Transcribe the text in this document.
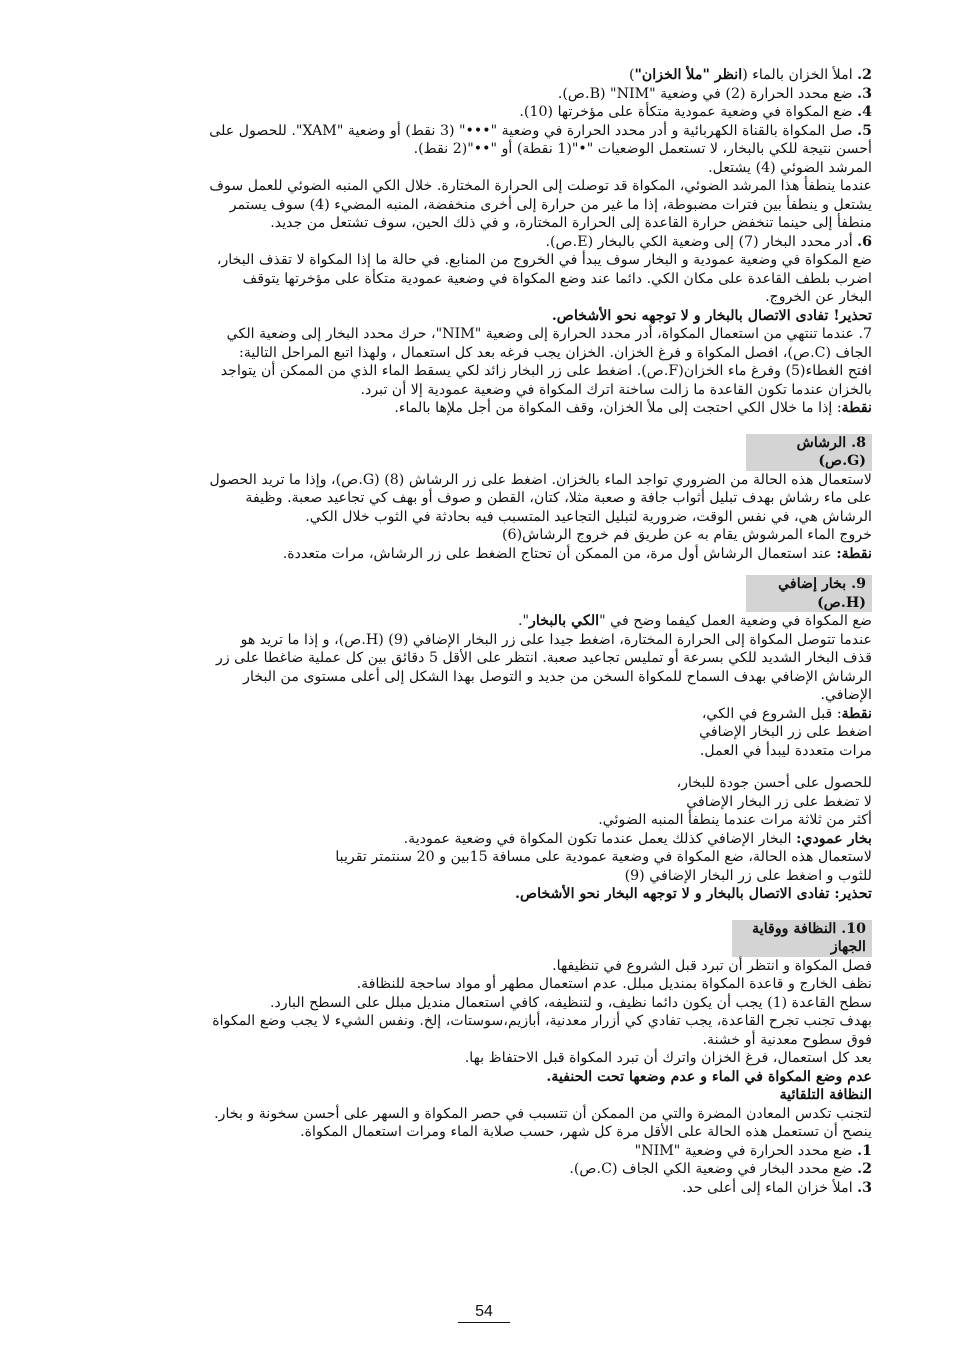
2. املأ الخزان بالماء (انظر "ملأ الخزان")

3. ضع محدد الحرارة (2) في وضعية "NIM" (B.ص).

4. ضع المكواة في وضعية عمودية متكأة على مؤخرتها (10).

5. صل المكواة بالقناة الكهربائية و أدر محدد الحرارة في وضعية "•••" (3 نقط) أو وضعية "XAM". للحصول على أحسن نتيجة للكي بالبخار، لا تستعمل الوضعيات "•"(1 نقطة) أو "••"(2 نقط).

المرشد الضوئي (4) يشتعل.

عندما ينطفأ هذا المرشد الضوئي، المكواة قد توصلت إلى الحرارة المختارة. خلال الكي المنبه الضوئي للعمل سوف يشتعل و ينطفأ بين فترات مضبوطة، إذا ما غير من حرارة إلى أخرى منخفضة، المنبه المضيء (4) سوف يستمر منطفأ إلى حينما تنخفض حرارة القاعدة إلى الحرارة المختارة، و في ذلك الحين، سوف تشتعل من جديد.

6. أدر محدد البخار (7) إلى وضعية الكي بالبخار (E.ص).

ضع المكواة في وضعية عمودية و البخار سوف يبدأ في الخروج من المنابع. في حالة ما إذا المكواة لا تقذف البخار، اضرب بلطف القاعدة على مكان الكي. دائما عند وضع المكواة في وضعية عمودية متكأة على مؤخرتها يتوقف البخار عن الخروج.

تحذير! تفادى الاتصال بالبخار و لا توجهه نحو الأشخاص.

7. عندما تنتهي من استعمال المكواة، أدر محدد الحرارة إلى وضعية "NIM"، حرك محدد البخار إلى وضعية الكي الجاف (C.ص)، افصل المكواة و فرغ الخزان. الخزان يجب فرغه بعد كل استعمال ، ولهذا اتبع المراحل التالية:

افتح الغطاء(5) وفرغ ماء الخزان(F.ص). اضغط على زر البخار زائد لكي يسقط الماء الذي من الممكن أن يتواجد بالخزان عندما تكون القاعدة ما زالت ساخنة اترك المكواة في وضعية عمودية إلا أن تبرد.

نقطة: إذا ما خلال الكي احتجت إلى ملأ الخزان، وقف المكواة من أجل ملإها بالماء.

8. الرشاش (G.ص)

لاستعمال هذه الحالة من الضروري تواجد الماء بالخزان. اضغط على زر الرشاش (8) (G.ص)، وإذا ما تريد الحصول على ماء رشاش بهدف تبليل أثواب جافة و صعبة مثلا، كتان، القطن و صوف أو بهف كي تجاعيد صعبة. وظيفة الرشاش هي، في نفس الوقت، ضرورية لتبليل التجاعيد المتسبب فيه بحادثة في الثوب خلال الكي.

خروج الماء المرشوش يقام به عن طريق فم خروج الرشاش(6)

نقطة: عند استعمال الرشاش أول مرة، من الممكن أن تحتاج الضغط على زر الرشاش، مرات متعددة.

9. بخار إضافي (H.ص)

ضع المكواة في وضعية العمل كيفما وضح في "الكي بالبخار".

عندما تتوصل المكواة إلى الحرارة المختارة، اضغط جيدا على زر البخار الإضافي (9) (H.ص)، و إذا ما تريد هو قذف البخار الشديد للكي بسرعة أو تمليس تجاعيد صعبة. انتظر على الأقل 5 دقائق بين كل عملية ضاغطا على زر الرشاش الإضافي بهدف السماح للمكواة السخن من جديد و التوصل بهذا الشكل إلى أعلى مستوى من البخار الإضافي.

نقطة: قبل الشروع في الكي،

اضغط على زر البخار الإضافي

مرات متعددة ليبدأ في العمل.

للحصول على أحسن جودة للبخار،

لا تضغط على زر البخار الإضافي

أكثر من ثلاثة مرات عندما ينطفأ المنبه الضوئي.

بخار عمودي: البخار الإضافي كذلك يعمل عندما تكون المكواة في وضعية عمودية.

لاستعمال هذه الحالة، ضع المكواة في وضعية عمودية على مسافة 15بين و 20 سنتمتر تقريبا

للثوب و اضغط على زر البخار الإضافي (9)

تحذير: تفادى الاتصال بالبخار و لا توجهه البخار نحو الأشخاص.

10. النظافة ووقاية الجهاز

فصل المكواة و انتظر أن تبرد قبل الشروع في تنظيفها.

نظف الخارج و قاعدة المكواة بمنديل مبلل. عدم استعمال مطهر أو مواد ساحجة للنظافة.

سطح القاعدة (1) يجب أن يكون دائما نظيف، و لتنظيفه، كافي استعمال منديل مبلل على السطح البارد.

بهدف تجنب تجرح القاعدة، يجب تفادي كي أزرار معدنية، أبازيم،سوستات، إلخ. ونفس الشيء لا يجب وضع المكواة فوق سطوح معدنية أو خشنة.

بعد كل استعمال، فرغ الخزان واترك أن تبرد المكواة قبل الاحتفاظ بها.

عدم وضع المكواة في الماء و عدم وضعها تحت الحنفية.

النظافة التلقائية

لتجنب تكدس المعادن المضرة والتي من الممكن أن تتسبب في حصر المكواة و السهر على أحسن سخونة و بخار.

ينصح أن تستعمل هذه الحالة على الأقل مرة كل شهر، حسب صلابة الماء ومرات استعمال المكواة.

1. ضع محدد الحرارة في وضعية "NIM"

2. ضع محدد البخار في وضعية الكي الجاف (C.ص).

3. املأ خزان الماء إلى أعلى حد.

54
